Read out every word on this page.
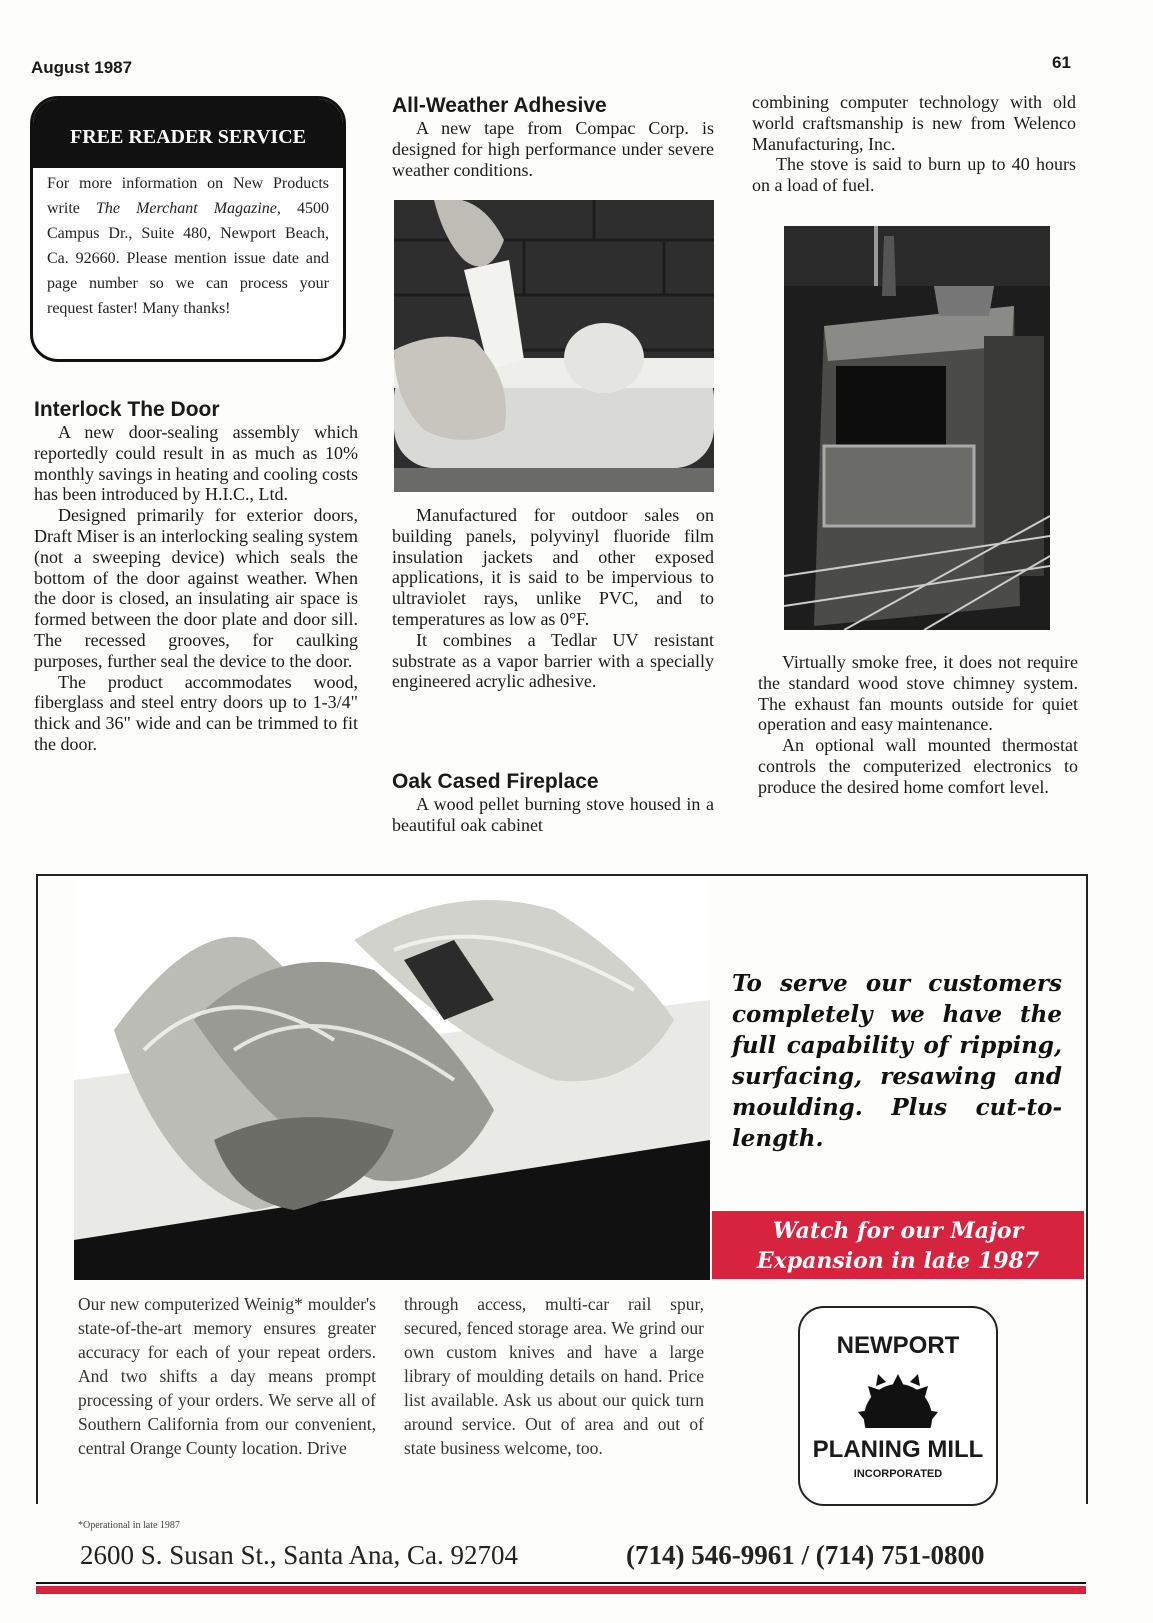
August 1987	61
FREE READER SERVICE
For more information on New Products write The Merchant Magazine, 4500 Campus Dr., Suite 480, Newport Beach, Ca. 92660. Please mention issue date and page number so we can process your request faster! Many thanks!
Interlock The Door

A new door-sealing assembly which reportedly could result in as much as 10% monthly savings in heating and cooling costs has been introduced by H.I.C., Ltd.

Designed primarily for exterior doors, Draft Miser is an interlocking sealing system (not a sweeping device) which seals the bottom of the door against weather. When the door is closed, an insulating air space is formed between the door plate and door sill. The recessed grooves, for caulking purposes, further seal the device to the door.

The product accommodates wood, fiberglass and steel entry doors up to 1-3/4" thick and 36" wide and can be trimmed to fit the door.

All-Weather Adhesive

A new tape from Compac Corp. is designed for high performance under severe weather conditions.

Manufactured for outdoor sales on building panels, polyvinyl fluoride film insulation jackets and other exposed applications, it is said to be impervious to ultraviolet rays, unlike PVC, and to temperatures as low as 0°F.

It combines a Tedlar UV resistant substrate as a vapor barrier with a specially engineered acrylic adhesive.

Oak Cased Fireplace

A wood pellet burning stove housed in a beautiful oak cabinet

combining computer technology with old world craftsmanship is new from Welenco Manufacturing, Inc.

The stove is said to burn up to 40 hours on a load of fuel.

Virtually smoke free, it does not require the standard wood stove chimney system. The exhaust fan mounts outside for quiet operation and easy maintenance.

An optional wall mounted thermostat controls the computerized electronics to produce the desired home comfort level.

To serve our customers completely we have the full capability of ripping, surfacing, resawing and moulding. Plus cut-to-length.
Watch for our Major
Expansion in late 1987
Our new computerized Weinig* moulder's state-of-the-art memory ensures greater accuracy for each of your repeat orders. And two shifts a day means prompt processing of your orders. We serve all of Southern California from our convenient, central Orange County location. Drive
through access, multi-car rail spur, secured, fenced storage area. We grind our own custom knives and have a large library of moulding details on hand. Price list available. Ask us about our quick turn around service. Out of area and out of state business welcome, too.
*Operational in late 1987
NEWPORT
PLANING MILL
INCORPORATED
2600 S. Susan St., Santa Ana, Ca. 92704	(714) 546-9961 / (714) 751-0800
